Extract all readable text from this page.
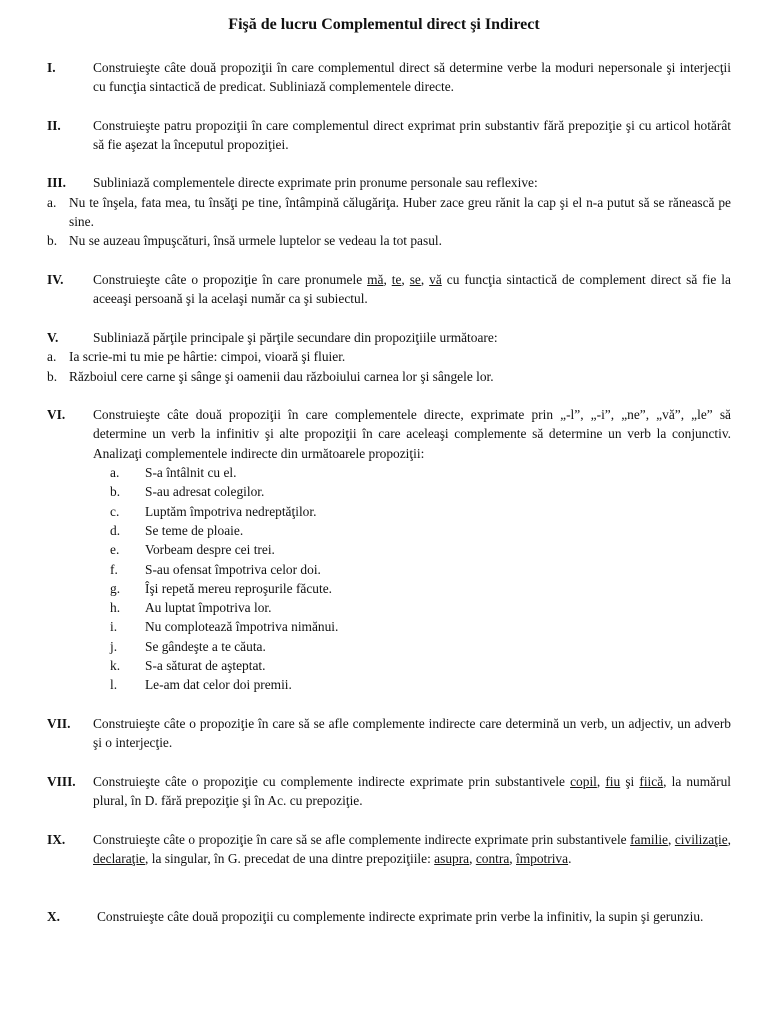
Fişă de lucru Complementul direct şi Indirect
I.	Construieşte câte două propoziţii în care complementul direct să determine verbe la moduri nepersonale şi interjecţii cu funcţia sintactică de predicat. Subliniază complementele directe.
II. Construieşte patru propoziţii în care complementul direct exprimat prin substantiv fără prepoziţie şi cu articol hotărât să fie aşezat la începutul propoziţiei.
III. Subliniază complementele directe exprimate prin pronume personale sau reflexive:
a. Nu te înşela, fata mea, tu însăţi pe tine, întâmpină călugăriţa. Huber zace greu rănit la cap şi el n-a putut să se rănească pe sine.
b. Nu se auzeau împuşcături, însă urmele luptelor se vedeau la tot pasul.
IV. Construieşte câte o propoziţie în care pronumele mă, te, se, vă cu funcţia sintactică de complement direct să fie la aceeaşi persoană şi la acelaşi număr ca şi subiectul.
V.	Subliniază părţile principale şi părţile secundare din propoziţiile următoare:
a. Ia scrie-mi tu mie pe hârtie: cimpoi, vioară şi fluier.
b. Războiul cere carne şi sânge şi oamenii dau războiului carnea lor şi sângele lor.
VI. Construieşte câte două propoziţii în care complementele directe, exprimate prin „-l”, „-i”, „ne”, „vă”, „le” să determine un verb la infinitiv şi alte propoziţii în care aceleaşi complemente să determine un verb la conjunctiv. Analizaţi complementele indirecte din următoarele propoziţii:
a. S-a întâlnit cu el.
b. S-au adresat colegilor.
c. Luptăm împotriva nedreptăţilor.
d. Se teme de ploaie.
e. Vorbeam despre cei trei.
f. S-au ofensat împotriva celor doi.
g. Îşi repetă mereu reproşurile făcute.
h. Au luptat împotriva lor.
i. Nu complotează împotriva nimănui.
j. Se gândeşte a te căuta.
k. S-a săturat de aşteptat.
l. Le-am dat celor doi premii.
VII. Construieşte câte o propoziţie în care să se afle complemente indirecte care determină un verb, un adjectiv, un adverb şi o interjecţie.
VIII. Construieşte câte o propoziţie cu complemente indirecte exprimate prin substantivele copil, fiu şi fiică, la numărul plural, în D. fără prepoziţie şi în Ac. cu prepoziţie.
IX. Construieşte câte o propoziţie în care să se afle complemente indirecte exprimate prin substantivele familie, civilizaţie, declaraţie, la singular, în G. precedat de una dintre prepoziţiile: asupra, contra, împotriva.
X.	Construieşte câte două propoziţii cu complemente indirecte exprimate prin verbe la infinitiv, la supin şi gerunziu.
